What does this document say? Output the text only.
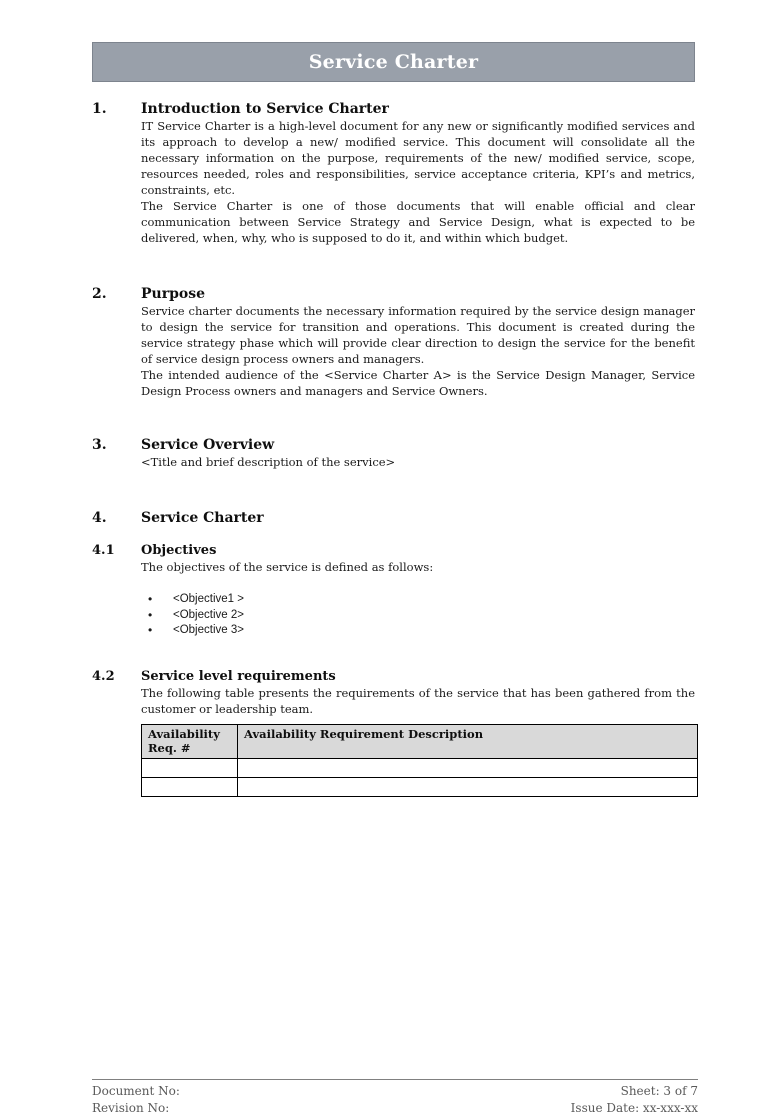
Service Charter
1.	Introduction to Service Charter

IT Service Charter is a high-level document for any new or significantly modified services and its approach to develop a new/ modified service. This document will consolidate all the necessary information on the purpose, requirements of the new/ modified service, scope, resources needed, roles and responsibilities, service acceptance criteria, KPI’s and metrics, constraints, etc.

The Service Charter is one of those documents that will enable official and clear communication between Service Strategy and Service Design, what is expected to be delivered, when, why, who is supposed to do it, and within which budget.

2.	Purpose

Service charter documents the necessary information required by the service design manager to design the service for transition and operations. This document is created during the service strategy phase which will provide clear direction to design the service for the benefit of service design process owners and managers.

The intended audience of the <Service Charter A> is the Service Design Manager, Service Design Process owners and managers and Service Owners.

3.	Service Overview

<Title and brief description of the service>

4.	Service Charter
4.1	Objectives

The objectives of the service is defined as follows:

• <Objective1 >
• <Objective 2>
• <Objective 3>
4.2	Service level requirements

The following table presents the requirements of the service that has been gathered from the customer or leadership team.

Availability Req. #	Availability Requirement Description

Document No:
Revision No:
Sheet: 3 of 7
Issue Date: xx-xxx-xx
